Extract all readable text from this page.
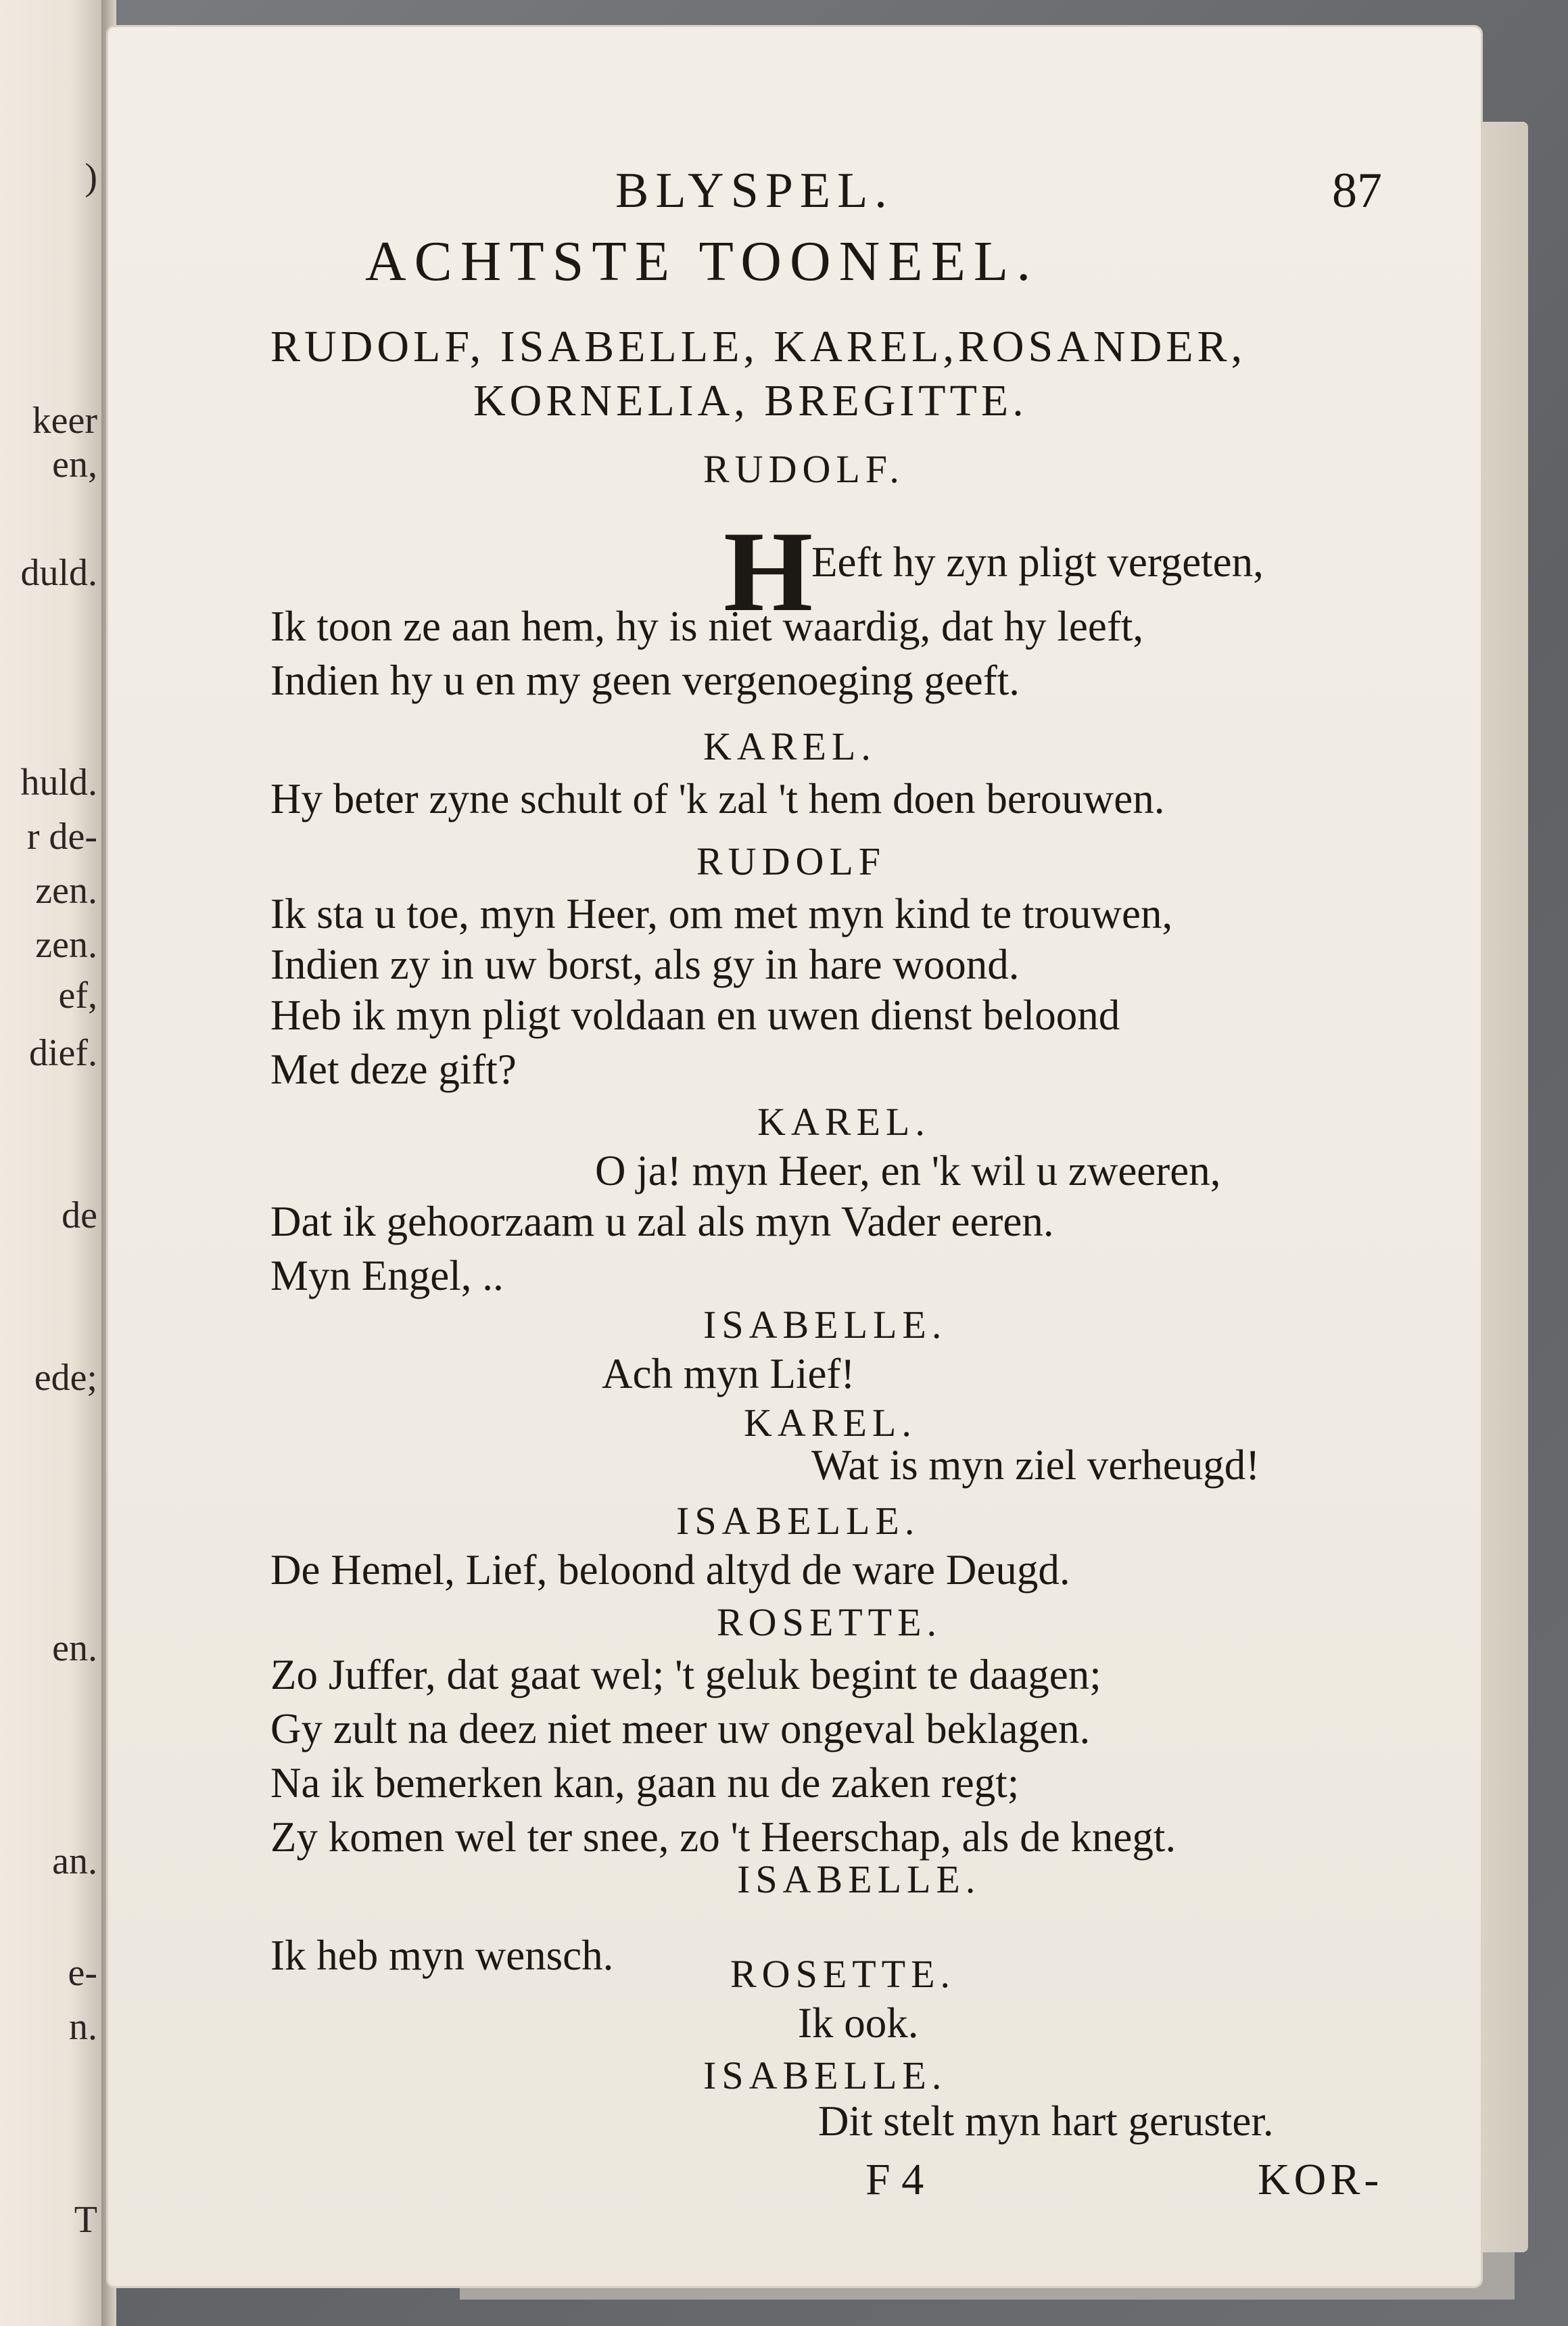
)
keer
en,
duld.
huld.
r de-
zen.
zen.
ef,
dief.
de
ede;
en.
an.
e-
n.
T
BLYSPEL.	87
ACHTSTE TOONEEL.
RUDOLF, ISABELLE, KAREL,ROSANDER,
KORNELIA, BREGITTE.
RUDOLF.
H
Eeft hy zyn pligt vergeten,
Ik toon ze aan hem, hy is niet waardig, dat hy leeft,
Indien hy u en my geen vergenoeging geeft.
KAREL.
Hy beter zyne schult of 'k zal 't hem doen berouwen.
RUDOLF
Ik sta u toe, myn Heer, om met myn kind te trouwen,
Indien zy in uw borst, als gy in hare woond.
Heb ik myn pligt voldaan en uwen dienst beloond
Met deze gift?
KAREL.
O ja! myn Heer, en 'k wil u zweeren,
Dat ik gehoorzaam u zal als myn Vader eeren.
Myn Engel, ..
ISABELLE.
Ach myn Lief!
KAREL.
Wat is myn ziel verheugd!
ISABELLE.
De Hemel, Lief, beloond altyd de ware Deugd.
ROSETTE.
Zo Juffer, dat gaat wel; 't geluk begint te daagen;
Gy zult na deez niet meer uw ongeval beklagen.
Na ik bemerken kan, gaan nu de zaken regt;
Zy komen wel ter snee, zo 't Heerschap, als de knegt.
ISABELLE.
Ik heb myn wensch.	ROSETTE.
Ik ook.
ISABELLE.
Dit stelt myn hart geruster.
F 4	KOR-
